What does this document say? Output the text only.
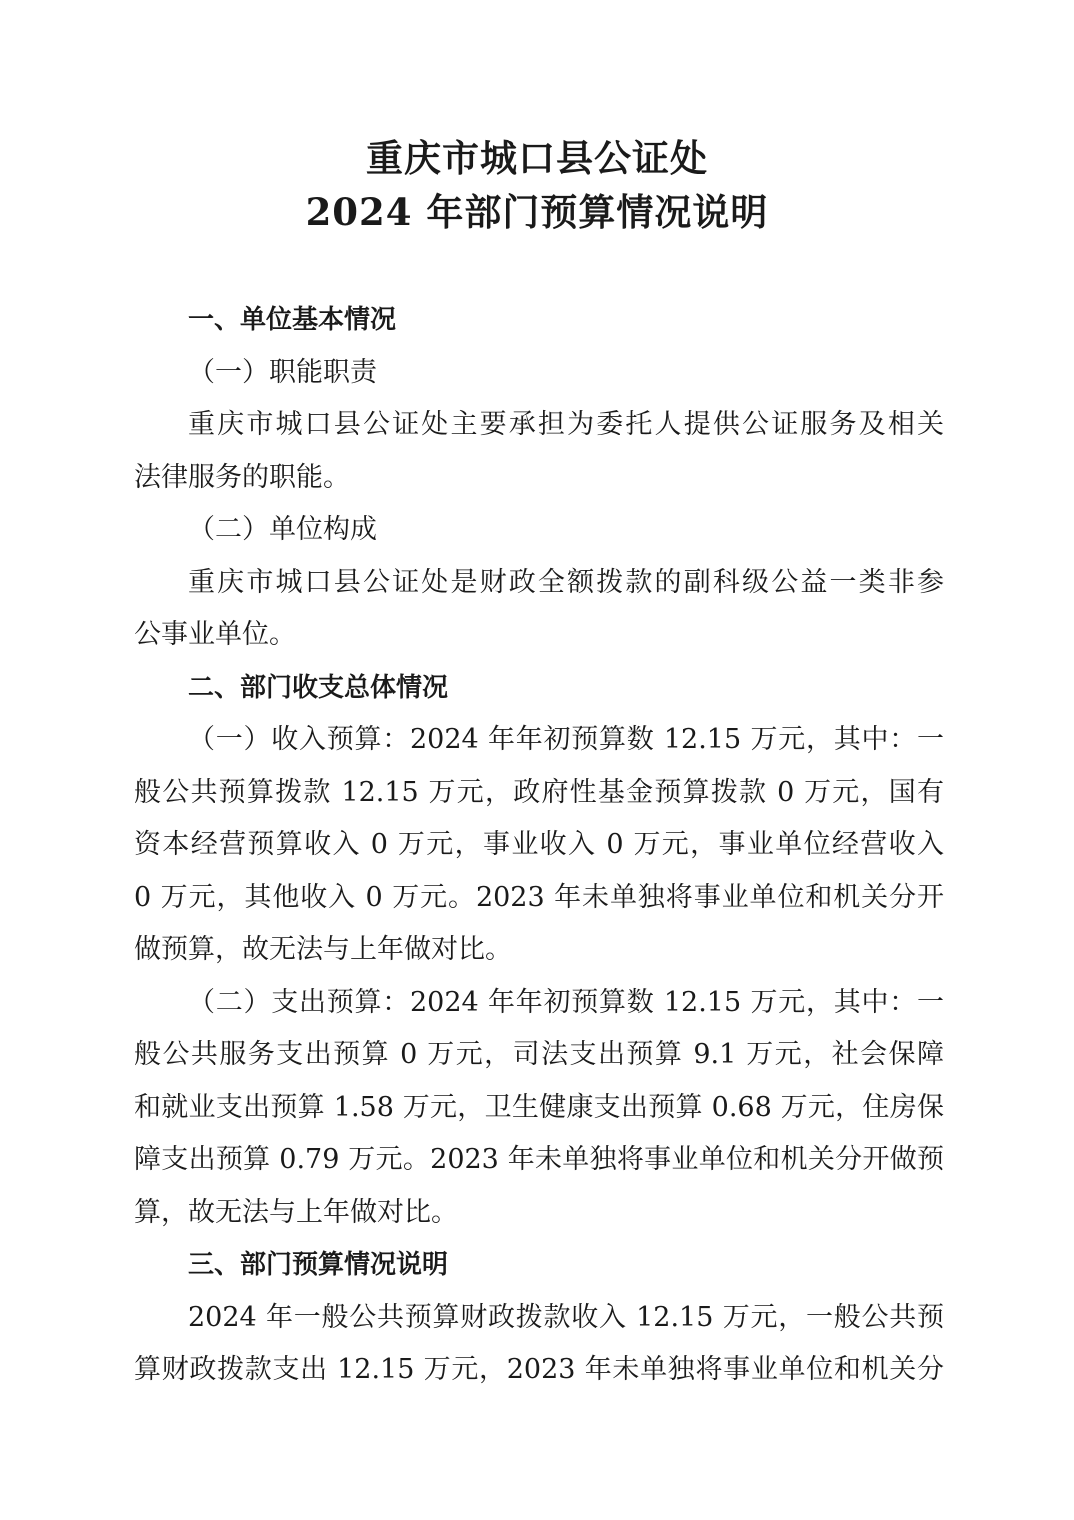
重庆市城口县公证处
2024 年部门预算情况说明
一、单位基本情况
（一）职能职责
重庆市城口县公证处主要承担为委托人提供公证服务及相关
法律服务的职能。
（二）单位构成
重庆市城口县公证处是财政全额拨款的副科级公益一类非参
公事业单位。
二、部门收支总体情况
（一）收入预算：2024 年年初预算数 12.15 万元，其中：一
般公共预算拨款 12.15 万元，政府性基金预算拨款 0 万元，国有
资本经营预算收入 0 万元，事业收入 0 万元，事业单位经营收入
0 万元，其他收入 0 万元。2023 年未单独将事业单位和机关分开
做预算，故无法与上年做对比。
（二）支出预算：2024 年年初预算数 12.15 万元，其中：一
般公共服务支出预算 0 万元，司法支出预算 9.1 万元，社会保障
和就业支出预算 1.58 万元，卫生健康支出预算 0.68 万元，住房保
障支出预算 0.79 万元。2023 年未单独将事业单位和机关分开做预
算，故无法与上年做对比。
三、部门预算情况说明
2024 年一般公共预算财政拨款收入 12.15 万元，一般公共预
算财政拨款支出 12.15 万元，2023 年未单独将事业单位和机关分
